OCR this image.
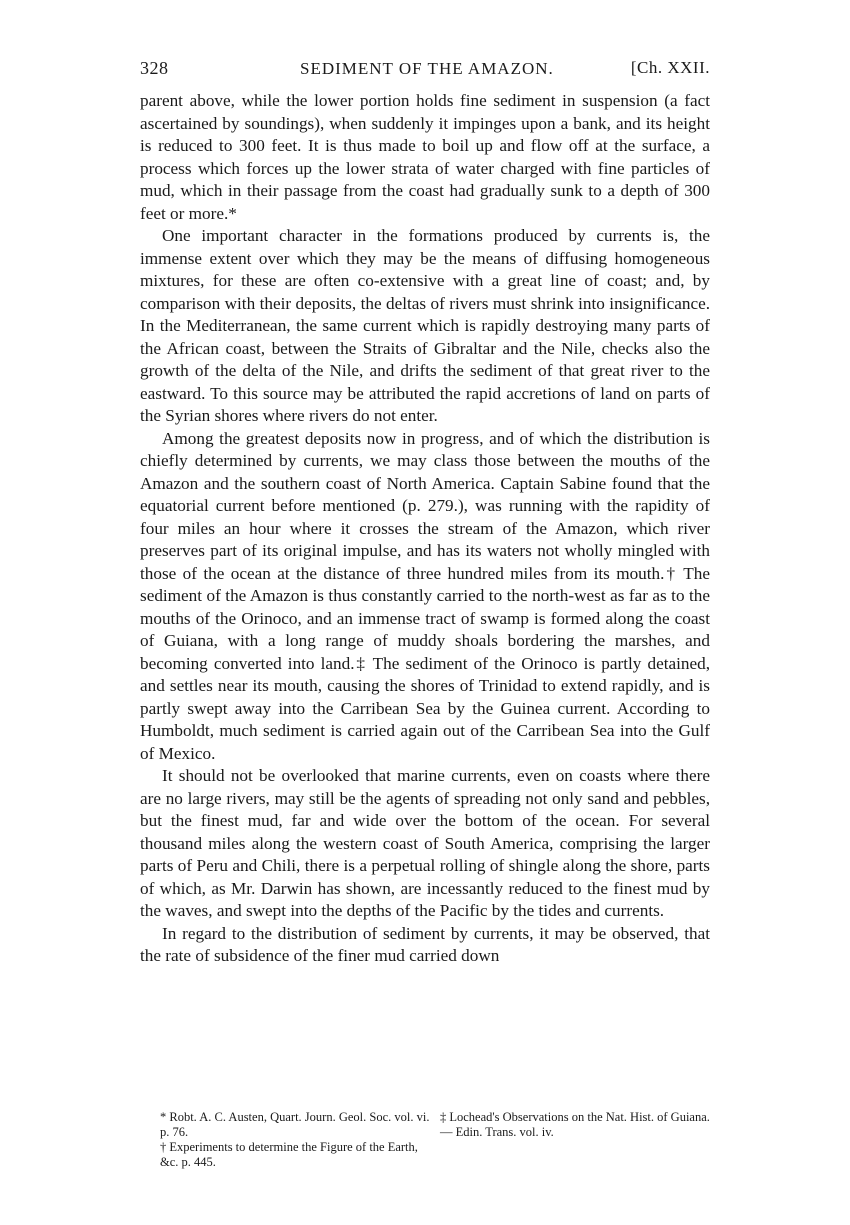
328	SEDIMENT OF THE AMAZON.	[Ch. XXII.

parent above, while the lower portion holds fine sediment in suspension (a fact ascertained by soundings), when suddenly it impinges upon a bank, and its height is reduced to 300 feet. It is thus made to boil up and flow off at the surface, a process which forces up the lower strata of water charged with fine particles of mud, which in their passage from the coast had gradually sunk to a depth of 300 feet or more.*

One important character in the formations produced by currents is, the immense extent over which they may be the means of diffusing homogeneous mixtures, for these are often co-extensive with a great line of coast; and, by comparison with their deposits, the deltas of rivers must shrink into insignificance. In the Mediterranean, the same current which is rapidly destroying many parts of the African coast, between the Straits of Gibraltar and the Nile, checks also the growth of the delta of the Nile, and drifts the sediment of that great river to the eastward. To this source may be attributed the rapid accretions of land on parts of the Syrian shores where rivers do not enter.

Among the greatest deposits now in progress, and of which the distribution is chiefly determined by currents, we may class those between the mouths of the Amazon and the southern coast of North America. Captain Sabine found that the equatorial current before mentioned (p. 279.), was running with the rapidity of four miles an hour where it crosses the stream of the Amazon, which river preserves part of its original impulse, and has its waters not wholly mingled with those of the ocean at the distance of three hundred miles from its mouth.† The sediment of the Amazon is thus constantly carried to the north-west as far as to the mouths of the Orinoco, and an immense tract of swamp is formed along the coast of Guiana, with a long range of muddy shoals bordering the marshes, and becoming converted into land.‡ The sediment of the Orinoco is partly detained, and settles near its mouth, causing the shores of Trinidad to extend rapidly, and is partly swept away into the Carribean Sea by the Guinea current. According to Humboldt, much sediment is carried again out of the Carribean Sea into the Gulf of Mexico.

It should not be overlooked that marine currents, even on coasts where there are no large rivers, may still be the agents of spreading not only sand and pebbles, but the finest mud, far and wide over the bottom of the ocean. For several thousand miles along the western coast of South America, comprising the larger parts of Peru and Chili, there is a perpetual rolling of shingle along the shore, parts of which, as Mr. Darwin has shown, are incessantly reduced to the finest mud by the waves, and swept into the depths of the Pacific by the tides and currents.

In regard to the distribution of sediment by currents, it may be observed, that the rate of subsidence of the finer mud carried down

* Robt. A. C. Austen, Quart. Journ. Geol. Soc. vol. vi. p. 76.
† Experiments to determine the Figure of the Earth, &c. p. 445.
‡ Lochead's Observations on the Nat. Hist. of Guiana. — Edin. Trans. vol. iv.
